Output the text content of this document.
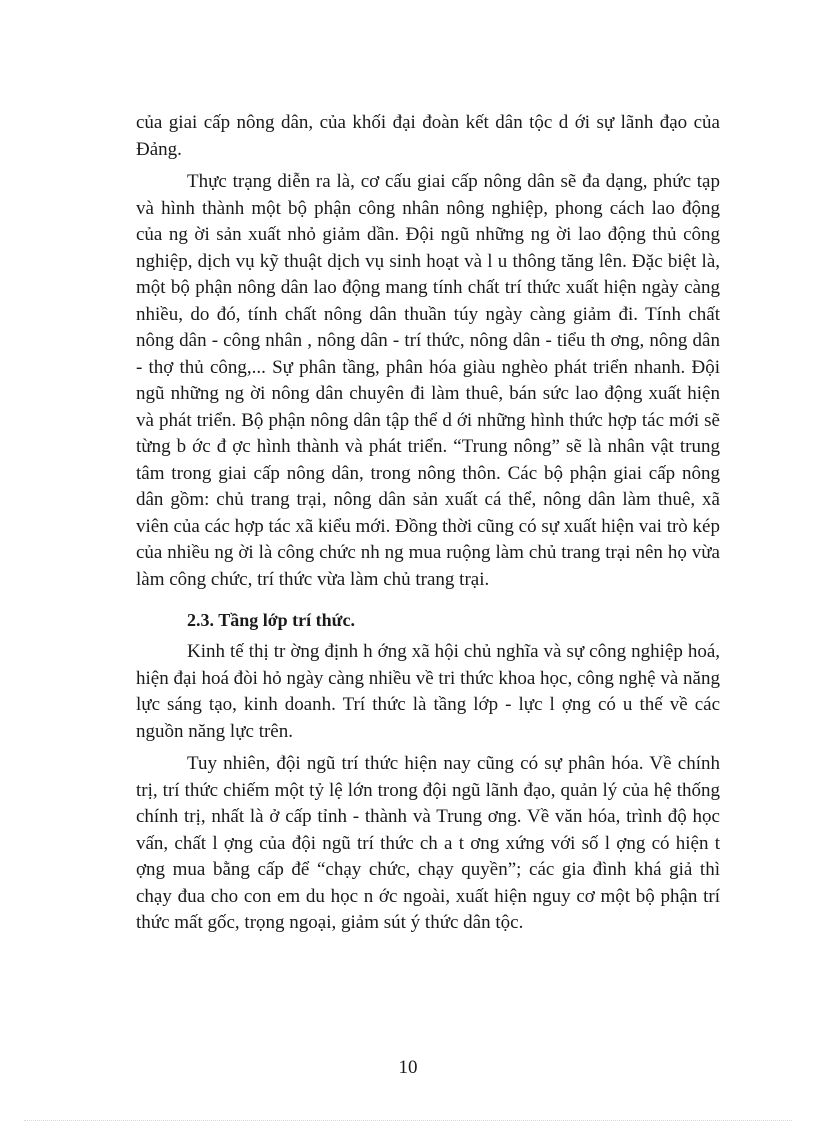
của giai cấp nông dân, của khối đại đoàn kết dân tộc d ới sự lãnh đạo của Đảng.

Thực trạng diễn ra là, cơ cấu giai cấp nông dân sẽ đa dạng, phức tạp và hình thành một bộ phận công nhân nông nghiệp, phong cách lao động của ng ời sản xuất nhỏ giảm dần. Đội ngũ những ng ời lao động thủ công nghiệp, dịch vụ kỹ thuật dịch vụ sinh hoạt và l u thông tăng lên. Đặc biệt là, một bộ phận nông dân lao động mang tính chất trí thức xuất hiện ngày càng nhiều, do đó, tính chất nông dân thuần túy ngày càng giảm đi. Tính chất nông dân - công nhân , nông dân - trí thức, nông dân - tiểu th ơng, nông dân - thợ thủ công,... Sự phân tầng, phân hóa giàu nghèo phát triển nhanh. Đội ngũ những ng ời nông dân chuyên đi làm thuê, bán sức lao động xuất hiện và phát triển. Bộ phận nông dân tập thể d ới những hình thức hợp tác mới sẽ từng b ớc đ ợc hình thành và phát triển. “Trung nông” sẽ là nhân vật trung tâm trong giai cấp nông dân, trong nông thôn. Các bộ phận giai cấp nông dân gồm: chủ trang trại, nông dân sản xuất cá thể, nông dân làm thuê, xã viên của các hợp tác xã kiểu mới. Đồng thời cũng có sự xuất hiện vai trò kép của nhiều ng ời là công chức nh ng mua ruộng làm chủ trang trại nên họ vừa làm công chức, trí thức vừa làm chủ trang trại.

2.3. Tầng lớp trí thức.

Kinh tế thị tr ờng định h ớng xã hội chủ nghĩa và sự công nghiệp hoá, hiện đại hoá đòi hỏ ngày càng nhiều về tri thức khoa học, công nghệ và năng lực sáng tạo, kinh doanh. Trí thức là tầng lớp - lực l ợng có u thế về các nguồn năng lực trên.

Tuy nhiên, đội ngũ trí thức hiện nay cũng có sự phân hóa. Về chính trị, trí thức chiếm một tỷ lệ lớn trong đội ngũ lãnh đạo, quản lý của hệ thống chính trị, nhất là ở cấp tỉnh - thành và Trung ơng. Về văn hóa, trình độ học vấn, chất l ợng của đội ngũ trí thức ch a t ơng xứng với số l ợng có hiện t ợng mua bằng cấp để “chạy chức, chạy quyền”; các gia đình khá giả thì chạy đua cho con em du học n ớc ngoài, xuất hiện nguy cơ một bộ phận trí thức mất gốc, trọng ngoại, giảm sút ý thức dân tộc.

10
